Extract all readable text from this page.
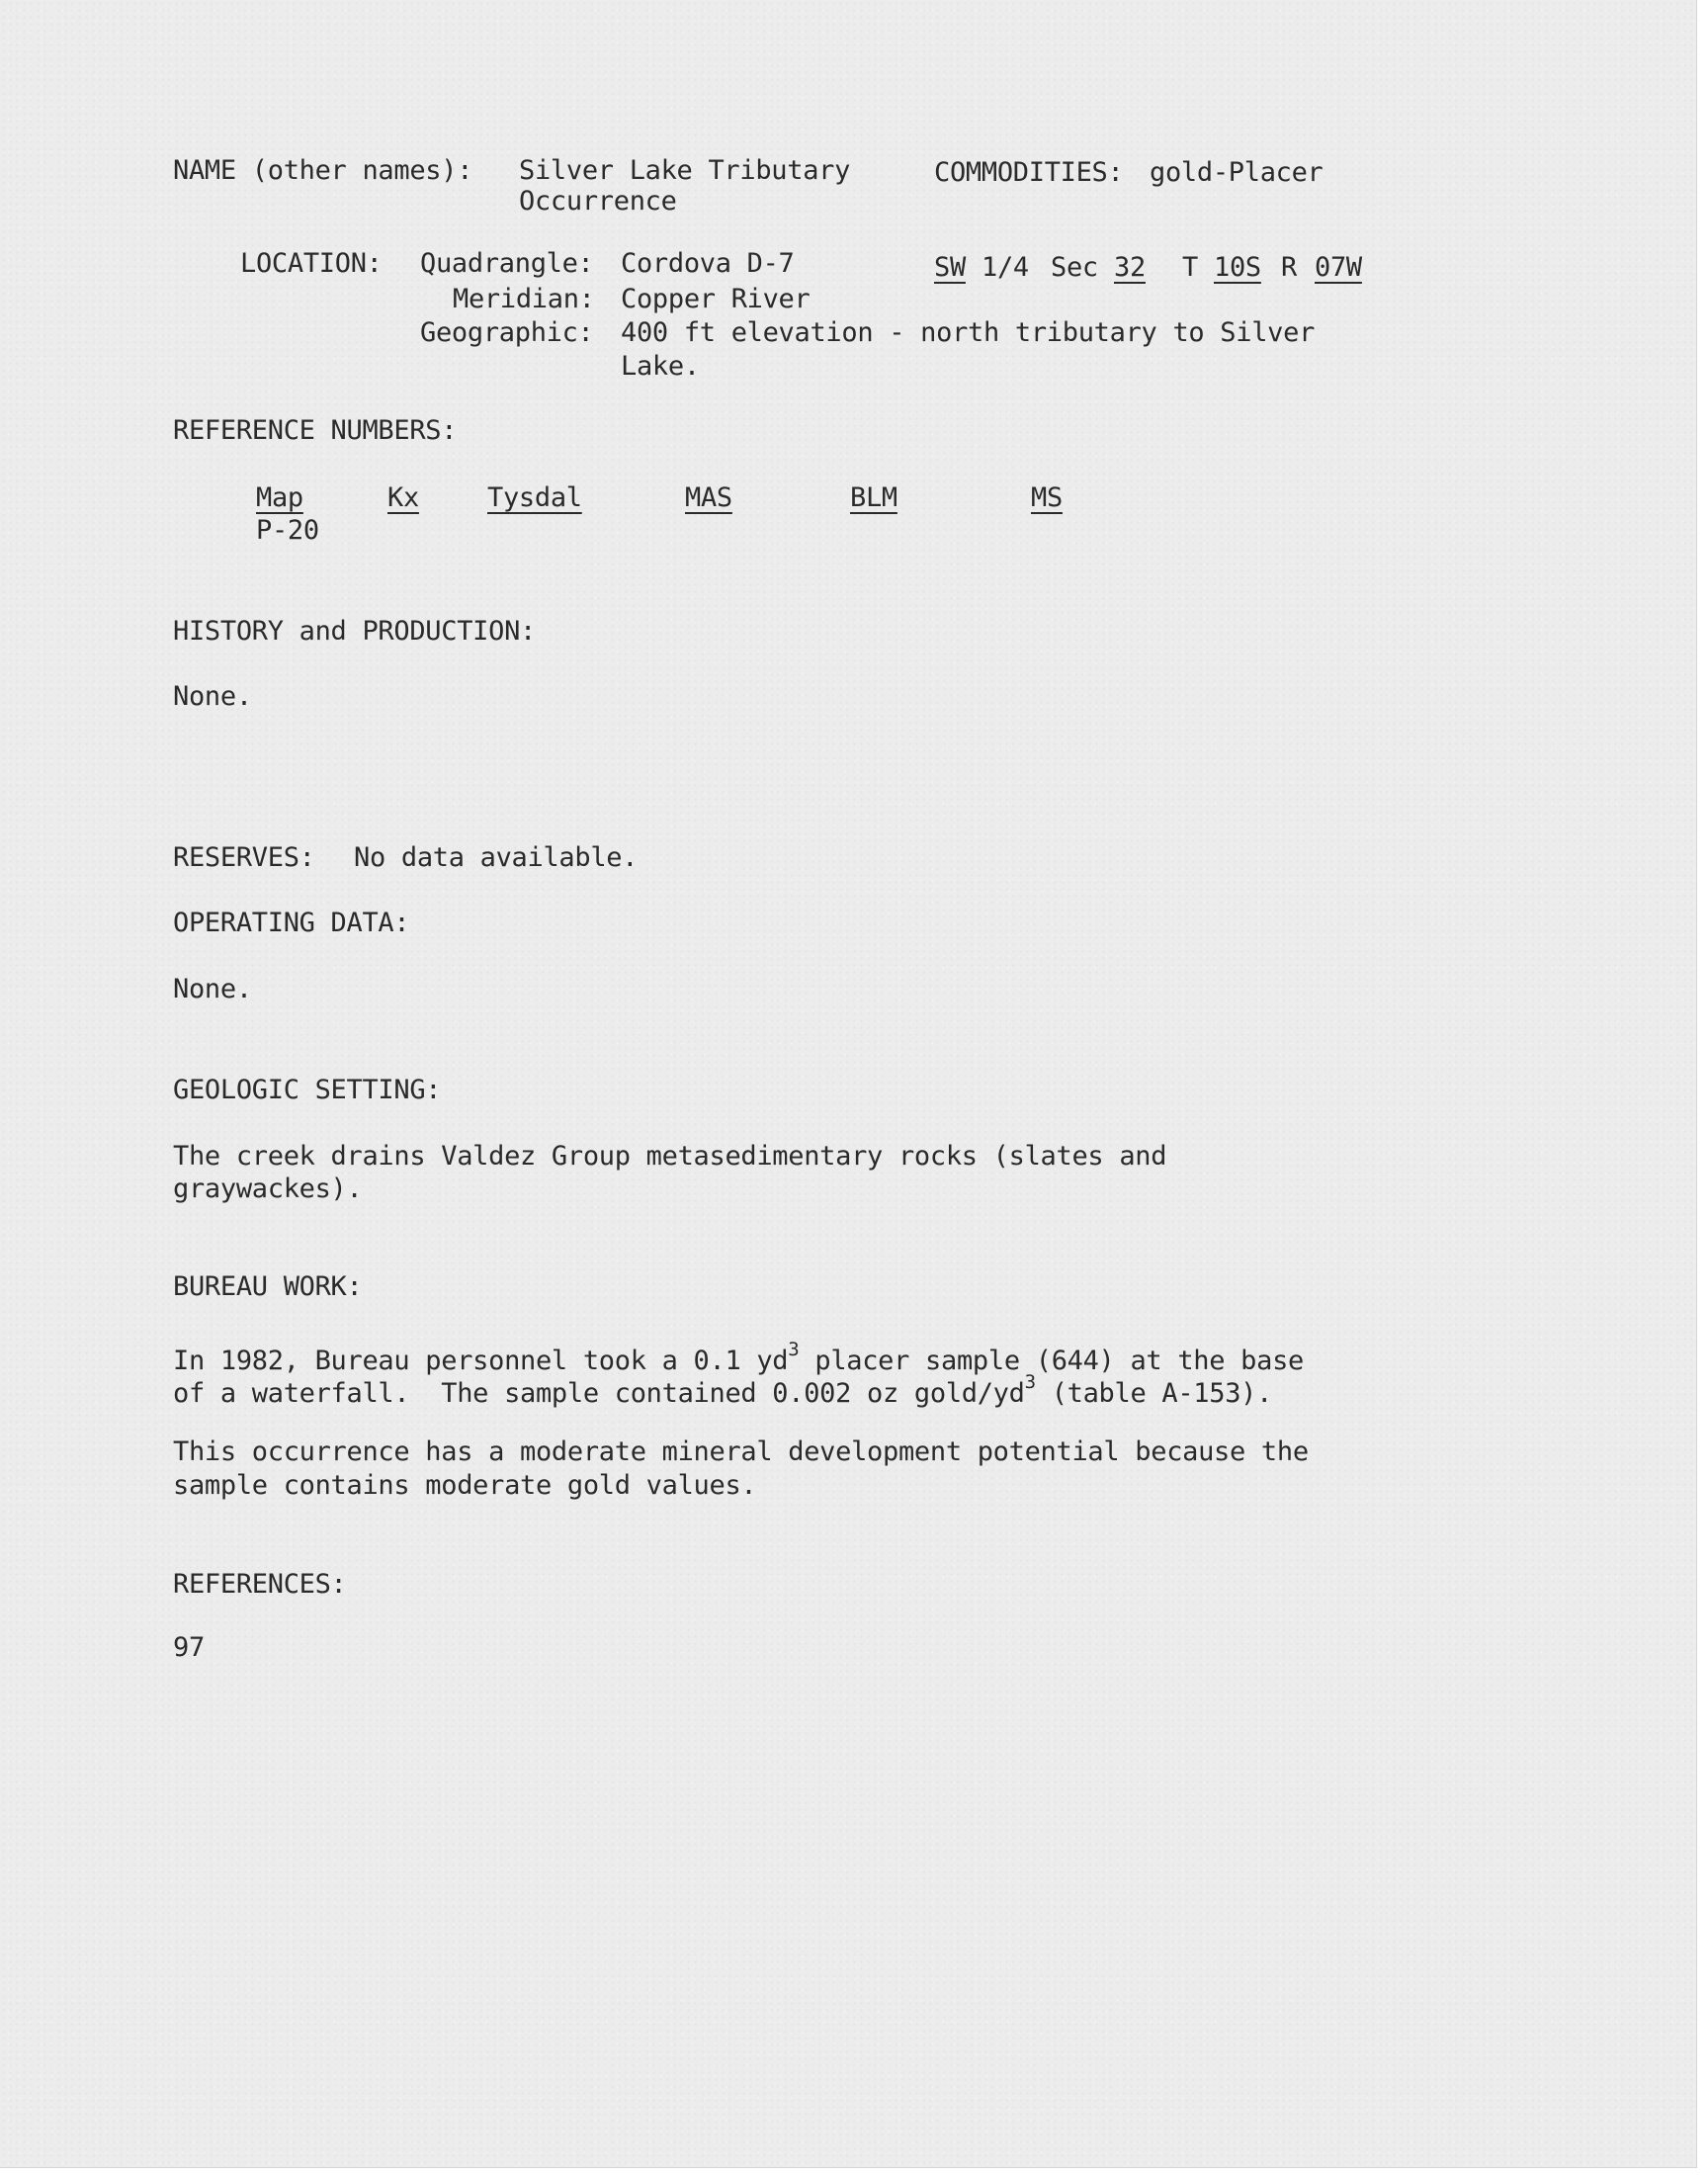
NAME (other names): Silver Lake Tributary
Occurrence
COMMODITIES: gold-Placer
LOCATION: Quadrangle: Cordova D-7
Meridian: Copper River
Geographic: 400 ft elevation - north tributary to Silver
Lake.
SW 1/4 Sec 32 T 10S R 07W
REFERENCE NUMBERS:
Map	Kx	Tysdal	MAS	BLM	MS
P-20
HISTORY and PRODUCTION:
None.
RESERVES: No data available.
OPERATING DATA:
None.
GEOLOGIC SETTING:
The creek drains Valdez Group metasedimentary rocks (slates and
graywackes).
BUREAU WORK:
In 1982, Bureau personnel took a 0.1 $yd^3$ placer sample (644) at the base
of a waterfall.  The sample contained 0.002 oz gold/$yd^3$ (table A-153).
This occurrence has a moderate mineral development potential because the
sample contains moderate gold values.
REFERENCES:
97
